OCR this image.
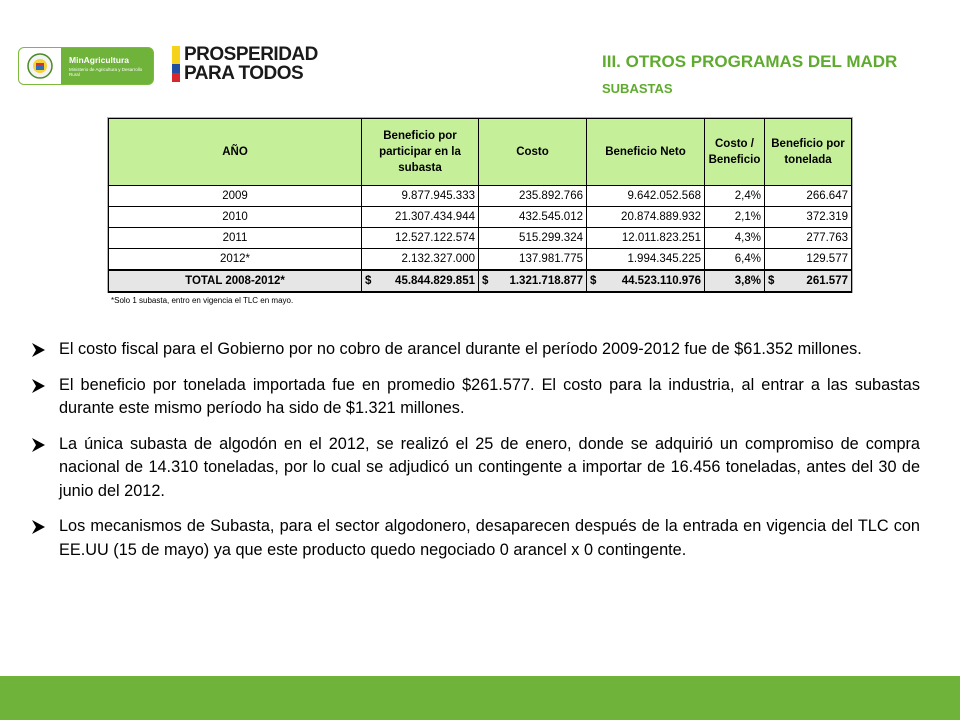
MinAgricultura
Ministerio de Agricultura y Desarrollo Rural
PROSPERIDAD
PARA TODOS
III. OTROS PROGRAMAS DEL MADR
SUBASTAS
AÑO	Beneficio por participar en la subasta	Costo	Beneficio Neto	Costo / Beneficio	Beneficio por tonelada
2009	9.877.945.333	235.892.766	9.642.052.568	2,4%	266.647
2010	21.307.434.944	432.545.012	20.874.889.932	2,1%	372.319
2011	12.527.122.574	515.299.324	12.011.823.251	4,3%	277.763
2012*	2.132.327.000	137.981.775	1.994.345.225	6,4%	129.577
TOTAL 2008-2012*	$ 45.844.829.851	$ 1.321.718.877	$ 44.523.110.976	3,8%	$ 261.577
*Solo 1 subasta, entro en vigencia el TLC en mayo.
El costo fiscal para el Gobierno por no cobro de arancel durante el período 2009-2012 fue de $61.352 millones.
El beneficio por tonelada importada fue en promedio $261.577. El costo para la industria, al entrar a las subastas durante este mismo período ha sido de $1.321 millones.
La única subasta de algodón en el 2012, se realizó el 25 de enero, donde se adquirió un compromiso de compra nacional de 14.310 toneladas, por lo cual se adjudicó un contingente a importar de 16.456 toneladas, antes del 30 de junio del 2012.
Los mecanismos de Subasta, para el sector algodonero, desaparecen después de la entrada en vigencia del TLC con EE.UU (15 de mayo) ya que este producto quedo negociado 0 arancel x 0 contingente.
